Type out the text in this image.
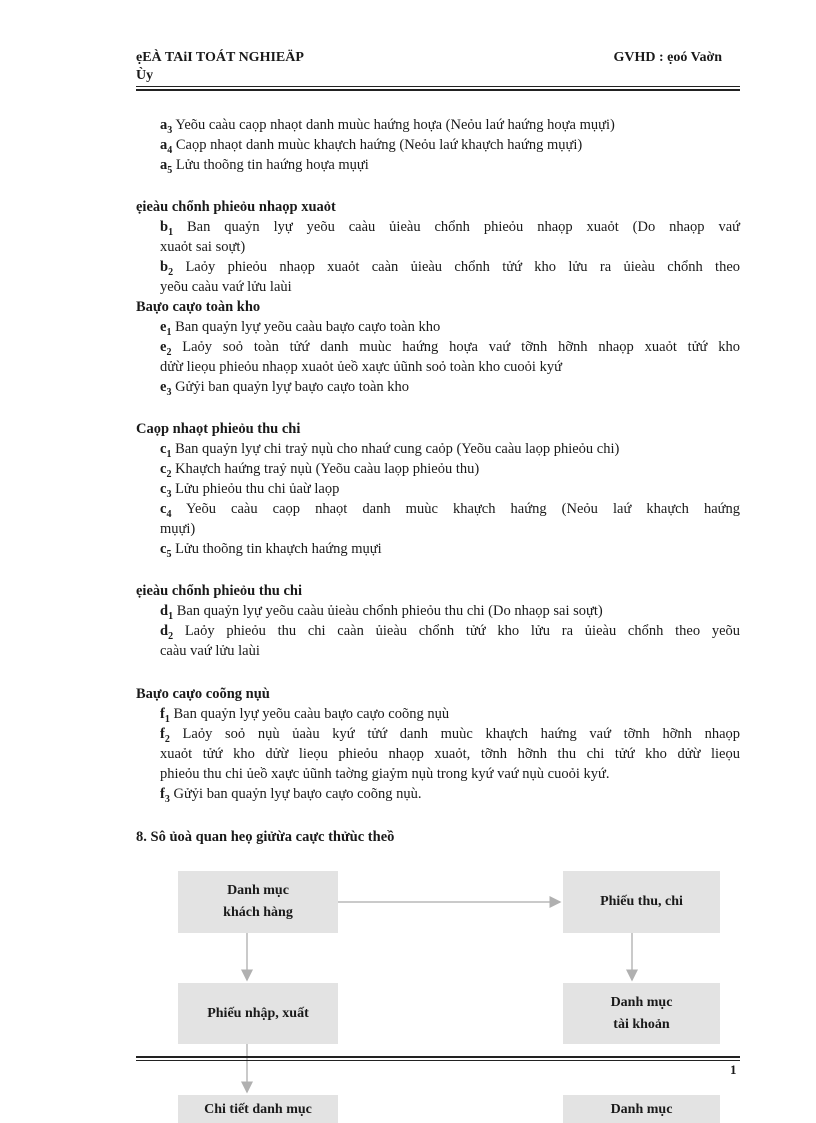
ẹEÀ TAiI TOÁT NGHIEÄP
Ùy
GVHD : ẹoó Vaờn
$a_3$ Yeõu caàu caọp nhaọt danh muùc haứng hoựa (Neỏu laứ haứng hoựa mụựi)
$a_4$ Caọp nhaọt danh muùc khaựch haứng (Neỏu laứ khaựch haứng mụựi)
$a_5$ Lửu thoõng tin haứng hoựa mụựi
ẹieàu chổnh phieỏu nhaọp xuaỏt
$b_1$ Ban quaỷn lyự yeõu caàu ủieàu chổnh phieỏu nhaọp xuaỏt (Do nhaọp vaứ
xuaỏt sai soựt)
$b_2$ Laỏy phieỏu nhaọp xuaỏt caàn ủieàu chổnh tửứ kho lửu ra ủieàu chổnh theo
yeõu caàu vaứ lửu laùi
Baựo caựo toàn kho
$e_1$ Ban quaỷn lyự yeõu caàu baựo caựo toàn kho
$e_2$ Laỏy soỏ toàn tửứ danh muùc haứng hoựa vaứ tỡnh hỡnh nhaọp xuaỏt tửứ kho
dửừ lieọu phieỏu nhaọp xuaỏt ủeồ xaực ủũnh soỏ toàn kho cuoỏi kyứ
$e_3$ Gửỷi ban quaỷn lyự baựo caựo toàn kho
Caọp nhaọt phieỏu thu chi
$c_1$ Ban quaỷn lyự chi traỷ nụù cho nhaứ cung caỏp (Yeõu caàu laọp phieỏu chi)
$c_2$ Khaựch haứng traỷ nụù (Yeõu caàu laọp phieỏu thu)
$c_3$ Lửu phieỏu thu chi ủaừ laọp
$c_4$ Yeõu caàu caọp nhaọt danh muùc khaựch haứng (Neỏu laứ khaựch haứng
mụựi)
$c_5$ Lửu thoõng tin khaựch haứng mụựi
ẹieàu chổnh phieỏu thu chi
$d_1$ Ban quaỷn lyự yeõu caàu ủieàu chổnh phieỏu thu chi (Do nhaọp sai soựt)
$d_2$ Laỏy phieỏu thu chi caàn ủieàu chổnh tửứ kho lửu ra ủieàu chổnh theo yeõu
caàu vaứ lửu laùi
Baựo caựo coõng nụù
$f_1$ Ban quaỷn lyự yeõu caàu baựo caựo coõng nụù
$f_2$ Laỏy soỏ nụù ủaàu kyứ tửứ danh muùc khaựch haứng vaứ tỡnh hỡnh nhaọp
xuaỏt tửứ kho dửừ lieọu phieỏu nhaọp xuaỏt, tỡnh hỡnh thu chi tửứ kho dửừ lieọu
phieỏu thu chi ủeồ xaực ủũnh taờng giaỷm nụù trong kyứ vaứ nụù cuoỏi kyứ.
$f_3$ Gửỷi ban quaỷn lyự baựo caựo coõng nụù.
8. Sô ủoà quan heọ giửừa caực thửùc theồ
Danh mục
khách hàng
Phiếu thu, chi
Phiếu nhập, xuất
Danh mục
tài khoản
Chi tiết danh mục	Danh mục
1
